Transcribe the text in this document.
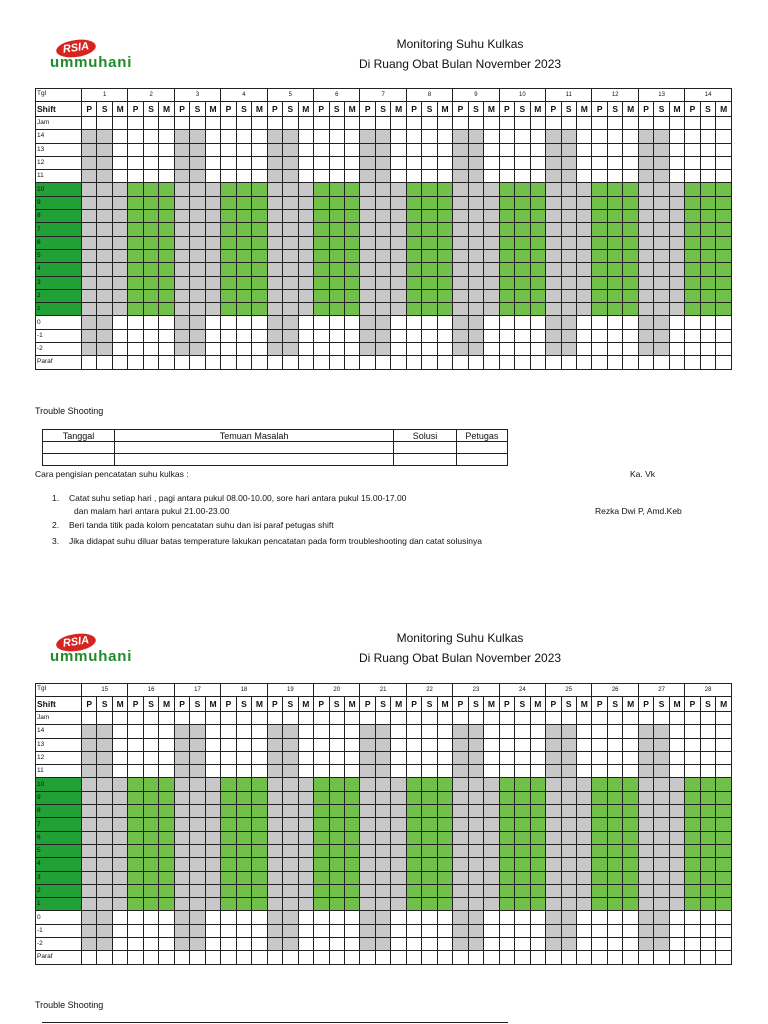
RSIA
ummuhani
Monitoring Suhu Kulkas
Di Ruang Obat Bulan November 2023
Tgl	1			2			3			4			5			6			7			8			9			10			11			12			13			14		
Shift	P	S	M	P	S	M	P	S	M	P	S	M	P	S	M	P	S	M	P	S	M	P	S	M	P	S	M	P	S	M	P	S	M	P	S	M	P	S	M	P	S	M
Jam																																										
14																																										
13																																										
12																																										
11																																										
10																																										
9																																										
8																																										
7																																										
6																																										
5																																										
4																																										
3																																										
2																																										
1																																										
0																																										
-1																																										
-2																																										
Paraf																																										
Trouble Shooting
Tanggal	Temuan Masalah	Solusi	Petugas

Cara pengisian pencatatan suhu kulkas :	Ka. Vk
1. Catat suhu setiap hari , pagi antara pukul 08.00-10.00, sore hari antara pukul 15.00-17.00
dan malam hari antara pukul 21.00-23.00	Rezka Dwi P, Amd.Keb
2. Beri tanda titik pada kolom pencatatan suhu dan isi paraf petugas shift
3. Jika didapat suhu diluar batas temperature lakukan pencatatan pada form troubleshooting dan catat solusinya
RSIA
ummuhani
Monitoring Suhu Kulkas
Di Ruang Obat Bulan November 2023
Tgl	15			16			17			18			19			20			21			22			23			24			25			26			27			28		
Shift	P	S	M	P	S	M	P	S	M	P	S	M	P	S	M	P	S	M	P	S	M	P	S	M	P	S	M	P	S	M	P	S	M	P	S	M	P	S	M	P	S	M
Jam																																										
14																																										
13																																										
12																																										
11																																										
10																																										
9																																										
8																																										
7																																										
6																																										
5																																										
4																																										
3																																										
2																																										
1																																										
0																																										
-1																																										
-2																																										
Paraf																																										
Trouble Shooting
